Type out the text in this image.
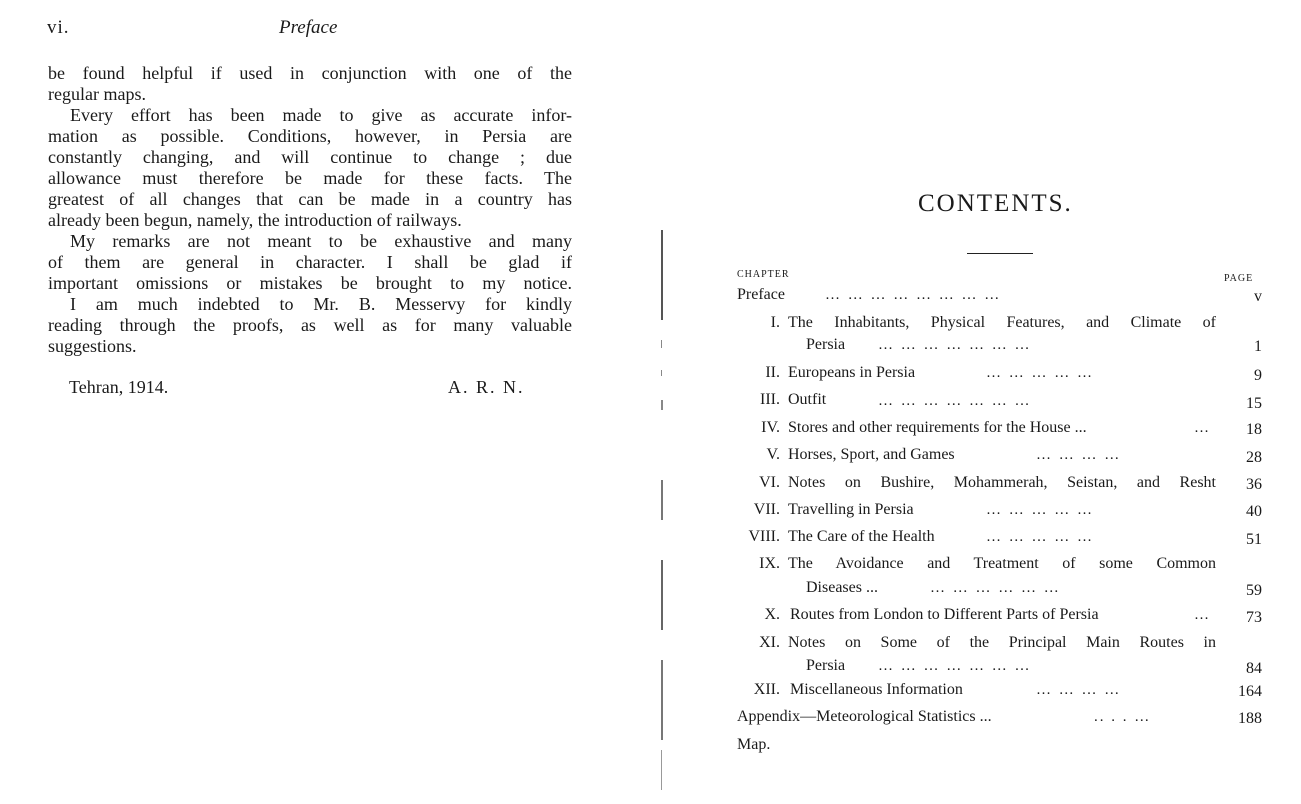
vi.	Preface
be found helpful if used in conjunction with one of the
regular maps.
Every effort has been made to give as accurate infor-
mation as possible. Conditions, however, in Persia are
constantly changing, and will continue to change ; due
allowance must therefore be made for these facts. The
greatest of all changes that can be made in a country has
already been begun, namely, the introduction of railways.
My remarks are not meant to be exhaustive and many
of them are general in character. I shall be glad if
important omissions or mistakes be brought to my notice.
I am much indebted to Mr. B. Messervy for kindly
reading through the proofs, as well as for many valuable
suggestions.
Tehran, 1914.	A. R. N.
CONTENTS.
CHAPTER	PAGE
Preface	… … … … … … … …	v
I. The Inhabitants, Physical Features, and Climate of
Persia … … … … … … …	1
II. Europeans in Persia	… … … … …	9
III. Outfit	… … … … … … …	15
IV. Stores and other requirements for the House ...	…	18
V. Horses, Sport, and Games	… … … …	28
VI. Notes on Bushire, Mohammerah, Seistan, and Resht	36
VII. Travelling in Persia	… … … … …	40
VIII. The Care of the Health	… … … … …	51
IX. The Avoidance and Treatment of some Common
Diseases ...	… … … … … …	59
X. Routes from London to Different Parts of Persia	…	73
XI. Notes on Some of the Principal Main Routes in
Persia … … … … … … …	84
XII. Miscellaneous Information	… … … …	164
Appendix—Meteorological Statistics ...	.. . . …	188
Map.
